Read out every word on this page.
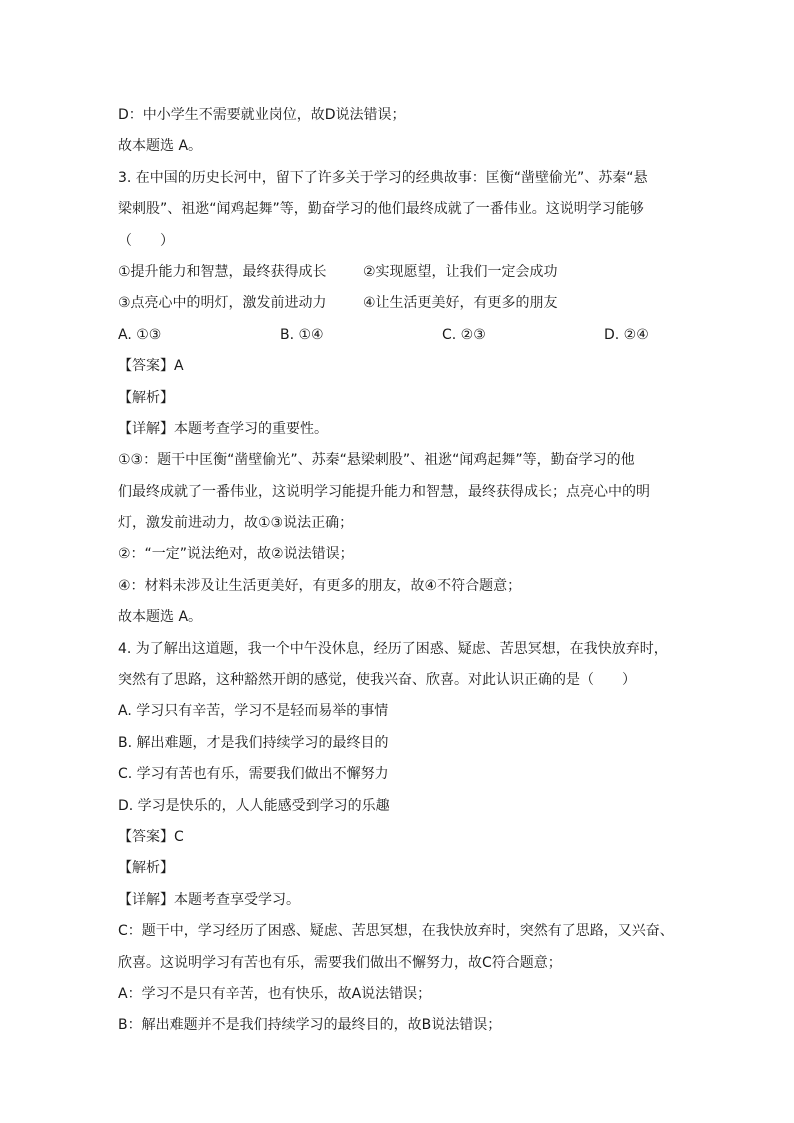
D：中小学生不需要就业岗位，故D说法错误；
故本题选 A。
3. 在中国的历史长河中，留下了许多关于学习的经典故事：匡衡“凿壁偷光”、苏秦“悬
梁刺股”、祖逖“闻鸡起舞”等，勤奋学习的他们最终成就了一番伟业。这说明学习能够
（　　）
①提升能力和智慧，最终获得成长	②实现愿望，让我们一定会成功
③点亮心中的明灯，激发前进动力	④让生活更美好，有更多的朋友
A. ①③	B. ①④	C. ②③	D. ②④
【答案】A
【解析】
【详解】本题考查学习的重要性。
①③：题干中匡衡“凿壁偷光”、苏秦“悬梁刺股”、祖逖“闻鸡起舞”等，勤奋学习的他
们最终成就了一番伟业，这说明学习能提升能力和智慧，最终获得成长；点亮心中的明
灯，激发前进动力，故①③说法正确；
②：“一定”说法绝对，故②说法错误；
④：材料未涉及让生活更美好，有更多的朋友，故④不符合题意；
故本题选 A。
4. 为了解出这道题，我一个中午没休息，经历了困惑、疑虑、苦思冥想，在我快放弃时，
突然有了思路，这种豁然开朗的感觉，使我兴奋、欣喜。对此认识正确的是（　　）
A. 学习只有辛苦，学习不是轻而易举的事情
B. 解出难题，才是我们持续学习的最终目的
C. 学习有苦也有乐，需要我们做出不懈努力
D. 学习是快乐的，人人能感受到学习的乐趣
【答案】C
【解析】
【详解】本题考查享受学习。
C：题干中，学习经历了困惑、疑虑、苦思冥想，在我快放弃时，突然有了思路，又兴奋、
欣喜。这说明学习有苦也有乐，需要我们做出不懈努力，故C符合题意；
A：学习不是只有辛苦，也有快乐，故A说法错误；
B：解出难题并不是我们持续学习的最终目的，故B说法错误；
